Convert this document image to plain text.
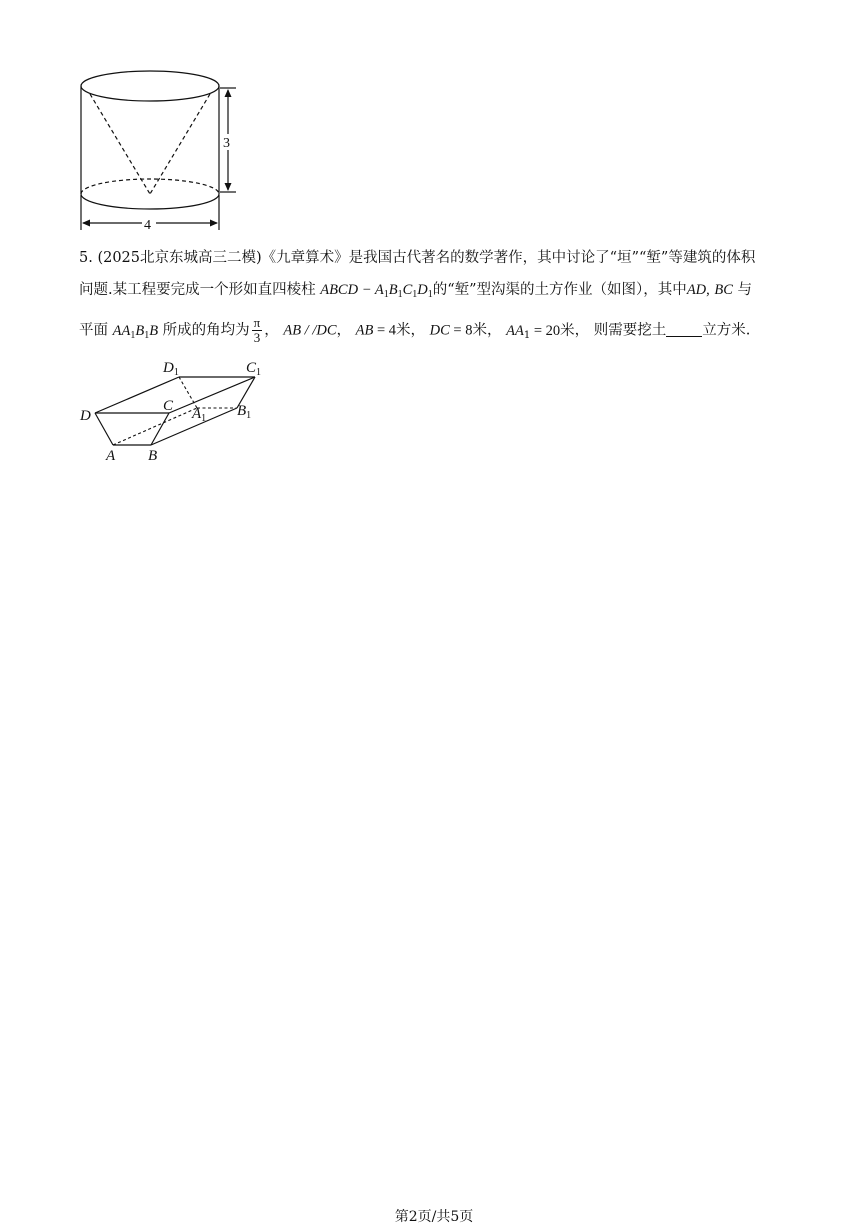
3
4
5. (2025北京东城高三二模)《九章算术》是我国古代著名的数学著作，其中讨论了“垣”“堑”等建筑的体积
问题.某工程要完成一个形如直四棱柱 ABCD − $A_1B_1C_1D_1$的“堑”型沟渠的土方作业（如图），其中AD, BC 与
平面 $AA_1B_1B$ 所成的角均为 $\frac{\pi}{3}$ ， AB / /DC， AB = 4米， DC = 8米， $AA_1 = 20$米， 则需要挖土 立方米.
$D_1$	$C_1$
D
C $A_1$ $B_1$
A B
第2页/共5页
